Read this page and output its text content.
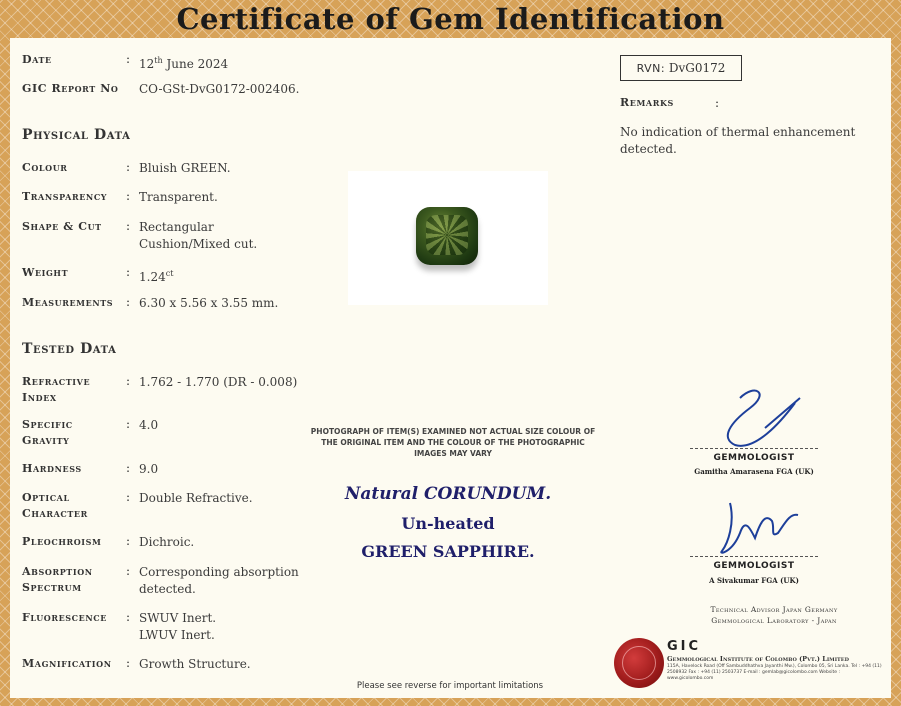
Certificate of Gem Identification
Date	: 12th June 2024
GIC Report No	CO-GSt-DvG0172-002406.
Physical Data
Colour	: Bluish GREEN.
Transparency	: Transparent.
Shape & Cut	: Rectangular Cushion/Mixed cut.
Weight	: $1.24^{ct}$
Measurements	: 6.30 x 5.56 x 3.55 mm.
Tested Data
Refractive Index
: 1.762 - 1.770 (DR - 0.008)
Specific Gravity
: 4.0
Hardness	: 9.0
Optical Character
: Double Refractive.
Pleochroism	: Dichroic.
Absorption Spectrum
: Corresponding absorption detected.
Fluorescence	: SWUV Inert.
LWUV Inert.
Magnification	: Growth Structure.
PHOTOGRAPH OF ITEM(S) EXAMINED NOT ACTUAL SIZE COLOUR OF THE ORIGINAL ITEM AND THE COLOUR OF THE PHOTOGRAPHIC IMAGES MAY VARY
Natural CORUNDUM.
Un-heated
GREEN SAPPHIRE.
Please see reverse for important limitations
RVN: DvG0172
Remarks	:
No indication of thermal enhancement detected.
GEMMOLOGIST
Gamitha Amarasena FGA (UK)
GEMMOLOGIST
A Sivakumar FGA (UK)
Technical Advisor Japan Germany
Gemmological Laboratory - Japan
GIC
Gemmological Institute of Colombo (Pvt.) Limited
115A, Havelock Road (Off Sambuddhathva Jayanthi Mw.), Colombo 05, Sri Lanka. Tel : +94 (11) 2508932 Fax : +94 (11) 2503737 E-mail : gemlab@gicolombo.com Website : www.gicolombo.com
